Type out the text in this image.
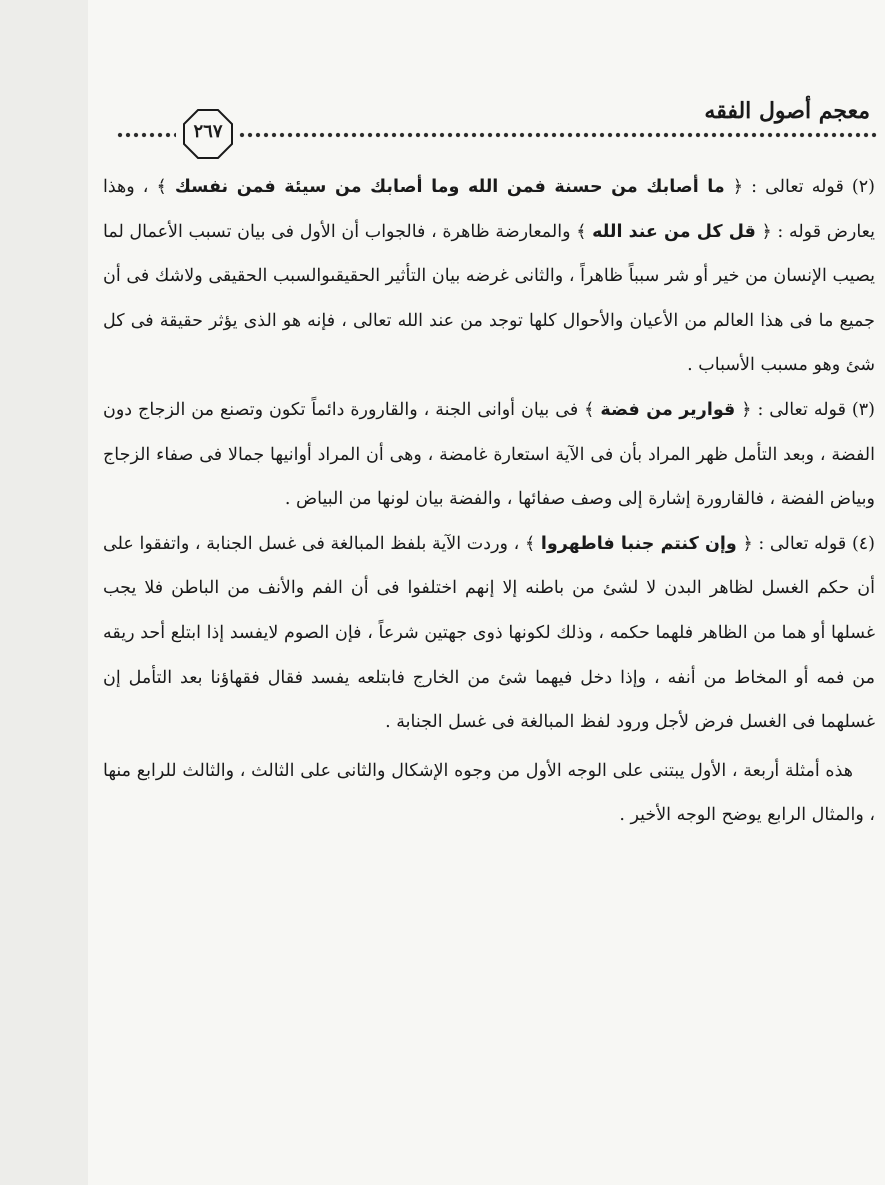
معجم أصول الفقه
٢٦٧

(٢) قوله تعالى : ﴿ ما أصابك من حسنة فمن الله وما أصابك من سيئة فمن نفسك ﴾ ، وهذا يعارض قوله : ﴿ قل كل من عند الله ﴾ والمعارضة ظاهرة ، فالجواب أن الأول فى بيان تسبب الأعمال لما يصيب الإنسان من خير أو شر سبباً ظاهراً ، والثانى غرضه بيان التأثير الحقيقىوالسبب الحقيقى ولاشك فى أن جميع ما فى هذا العالم من الأعيان والأحوال كلها توجد من عند الله تعالى ، فإنه هو الذى يؤثر حقيقة فى كل شئ وهو مسبب الأسباب .

(٣) قوله تعالى : ﴿ قوارير من فضة ﴾ فى بيان أوانى الجنة ، والقارورة دائماً تكون وتصنع من الزجاج دون الفضة ، وبعد التأمل ظهر المراد بأن فى الآية استعارة غامضة ، وهى أن المراد أوانيها جمالا فى صفاء الزجاج وبياض الفضة ، فالقارورة إشارة إلى وصف صفائها ، والفضة بيان لونها من البياض .

(٤) قوله تعالى : ﴿ وإن كنتم جنبا فاطهروا ﴾ ، وردت الآية بلفظ المبالغة فى غسل الجنابة ، واتفقوا على أن حكم الغسل لظاهر البدن لا لشئ من باطنه إلا إنهم اختلفوا فى أن الفم والأنف من الباطن فلا يجب غسلها أو هما من الظاهر فلهما حكمه ، وذلك لكونها ذوى جهتين شرعاً ، فإن الصوم لايفسد إذا ابتلع أحد ريقه من فمه أو المخاط من أنفه ، وإذا دخل فيهما شئ من الخارج فابتلعه يفسد فقال فقهاؤنا بعد التأمل إن غسلهما فى الغسل فرض لأجل ورود لفظ المبالغة فى غسل الجنابة .

هذه أمثلة أربعة ، الأول يبتنى على الوجه الأول من وجوه الإشكال والثانى على الثالث ، والثالث للرابع منها ، والمثال الرابع يوضح الوجه الأخير .
